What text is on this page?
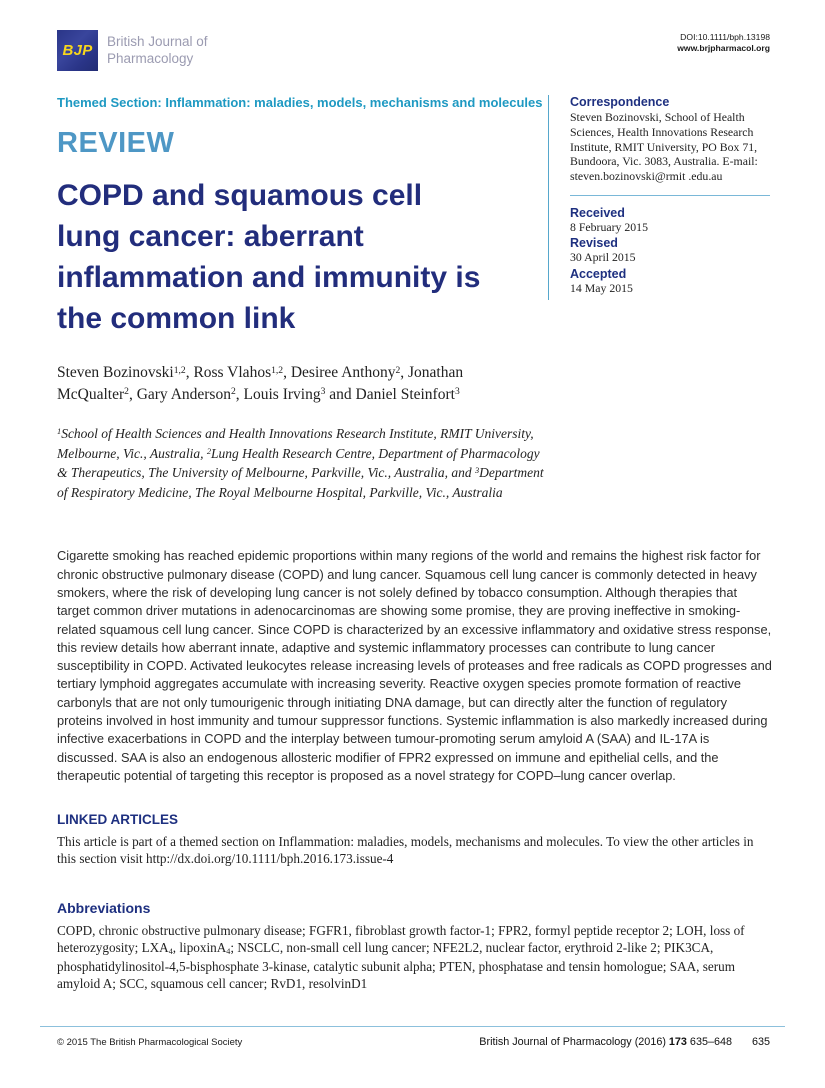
BJP
British Journal of
Pharmacology
DOI:10.1111/bph.13198
www.brjpharmacol.org
Themed Section: Inflammation: maladies, models, mechanisms and molecules
REVIEW
COPD and squamous cell lung cancer: aberrant inflammation and immunity is the common link
Steven Bozinovski$^{1,2}$, Ross Vlahos$^{1,2}$, Desiree Anthony$^2$, Jonathan McQualter$^2$, Gary Anderson$^2$, Louis Irving$^3$ and Daniel Steinfort$^3$
$^1$School of Health Sciences and Health Innovations Research Institute, RMIT University, Melbourne, Vic., Australia, $^2$Lung Health Research Centre, Department of Pharmacology & Therapeutics, The University of Melbourne, Parkville, Vic., Australia, and $^3$Department of Respiratory Medicine, The Royal Melbourne Hospital, Parkville, Vic., Australia
Correspondence
Steven Bozinovski, School of Health Sciences, Health Innovations Research Institute, RMIT University, PO Box 71, Bundoora, Vic. 3083, Australia. E-mail: steven.bozinovski@rmit .edu.au
Received
8 February 2015
Revised
30 April 2015
Accepted
14 May 2015
Cigarette smoking has reached epidemic proportions within many regions of the world and remains the highest risk factor for chronic obstructive pulmonary disease (COPD) and lung cancer. Squamous cell lung cancer is commonly detected in heavy smokers, where the risk of developing lung cancer is not solely defined by tobacco consumption. Although therapies that target common driver mutations in adenocarcinomas are showing some promise, they are proving ineffective in smoking-related squamous cell lung cancer. Since COPD is characterized by an excessive inflammatory and oxidative stress response, this review details how aberrant innate, adaptive and systemic inflammatory processes can contribute to lung cancer susceptibility in COPD. Activated leukocytes release increasing levels of proteases and free radicals as COPD progresses and tertiary lymphoid aggregates accumulate with increasing severity. Reactive oxygen species promote formation of reactive carbonyls that are not only tumourigenic through initiating DNA damage, but can directly alter the function of regulatory proteins involved in host immunity and tumour suppressor functions. Systemic inflammation is also markedly increased during infective exacerbations in COPD and the interplay between tumour-promoting serum amyloid A (SAA) and IL-17A is discussed. SAA is also an endogenous allosteric modifier of FPR2 expressed on immune and epithelial cells, and the therapeutic potential of targeting this receptor is proposed as a novel strategy for COPD–lung cancer overlap.
LINKED ARTICLES
This article is part of a themed section on Inflammation: maladies, models, mechanisms and molecules. To view the other articles in this section visit http://dx.doi.org/10.1111/bph.2016.173.issue-4
Abbreviations
COPD, chronic obstructive pulmonary disease; FGFR1, fibroblast growth factor-1; FPR2, formyl peptide receptor 2; LOH, loss of heterozygosity; $LXA_4$, lipoxinA$_4$; NSCLC, non-small cell lung cancer; NFE2L2, nuclear factor, erythroid 2-like 2; PIK3CA, phosphatidylinositol-4,5-bisphosphate 3-kinase, catalytic subunit alpha; PTEN, phosphatase and tensin homologue; SAA, serum amyloid A; SCC, squamous cell cancer; RvD1, resolvinD1
© 2015 The British Pharmacological Society	British Journal of Pharmacology (2016) 173 635–648 635
